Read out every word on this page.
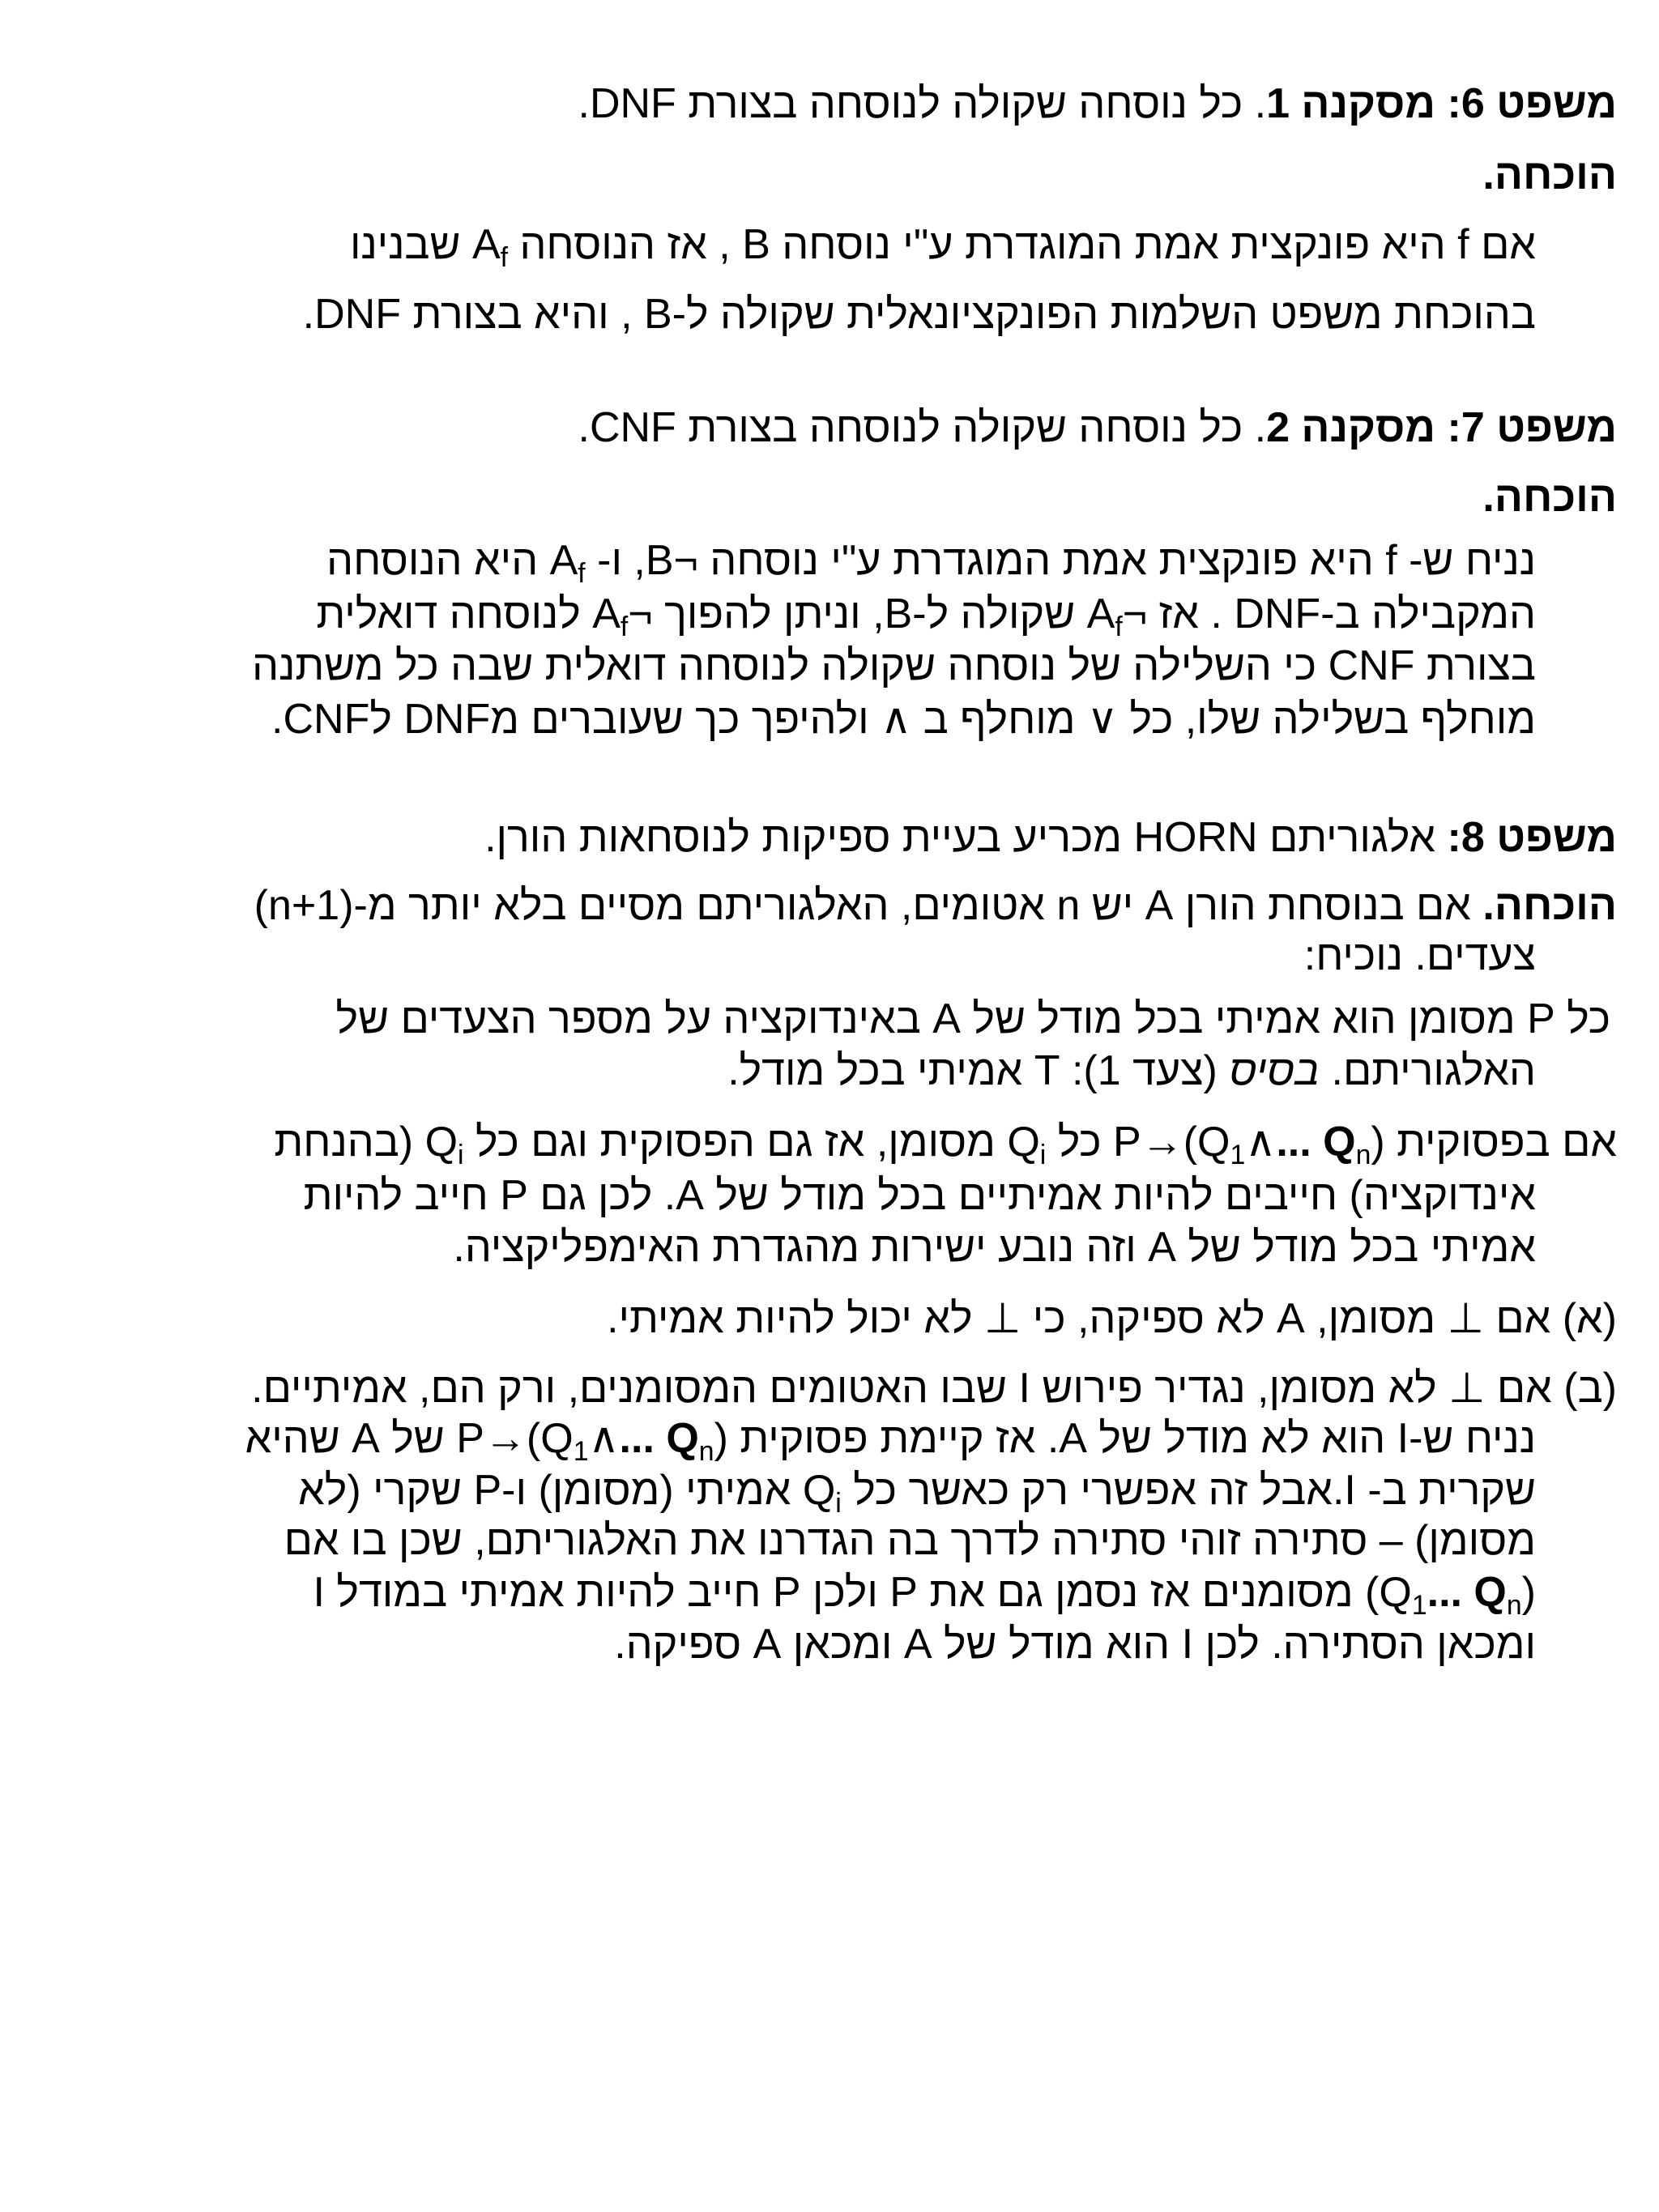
משפט 6: מסקנה 1. כל נוסחה שקולה לנוסחה בצורת DNF.
הוכחה.
אם f היא פונקצית אמת המוגדרת ע"י נוסחה B , אז הנוסחה $A_f$ שבנינו
בהוכחת משפט השלמות הפונקציונאלית שקולה ל-B , והיא בצורת DNF.
משפט 7: מסקנה 2. כל נוסחה שקולה לנוסחה בצורת CNF.
הוכחה.
נניח ש- f היא פונקצית אמת המוגדרת ע"י נוסחה ¬B, ו- $A_f$ היא הנוסחה
המקבילה ב-DNF . אז $\neg A_f$ שקולה ל-B, וניתן להפוך $\neg A_f$ לנוסחה דואלית
בצורת CNF כי השלילה של נוסחה שקולה לנוסחה דואלית שבה כל משתנה
מוחלף בשלילה שלו, כל ∨ מוחלף ב ∧ ולהיפך כך שעוברים מDNF לCNF.
משפט 8: אלגוריתם HORN מכריע בעיית ספיקות לנוסחאות הורן.
הוכחה. אם בנוסחת הורן A יש n אטומים, האלגוריתם מסיים בלא יותר מ-(n+1)
צעדים. נוכיח:
כל P מסומן הוא אמיתי בכל מודל של A באינדוקציה על מספר הצעדים של
האלגוריתם. בסיס (צעד 1): T אמיתי בכל מודל.
אם בפסוקית ($Q_1\wedge$... $Q_n)\to P$ כל $Q_i$ מסומן, אז גם הפסוקית וגם כל $Q_i$ (בהנחת
אינדוקציה) חייבים להיות אמיתיים בכל מודל של A. לכן גם P חייב להיות
אמיתי בכל מודל של A וזה נובע ישירות מהגדרת האימפליקציה.
(א) אם ⊥ מסומן, A לא ספיקה, כי ⊥ לא יכול להיות אמיתי.
(ב) אם ⊥ לא מסומן, נגדיר פירוש I שבו האטומים המסומנים, ורק הם, אמיתיים.
נניח ש-I הוא לא מודל של A. אז קיימת פסוקית ($Q_1\wedge$... $Q_n)\to P$ של A שהיא
שקרית ב- I.אבל זה אפשרי רק כאשר כל $Q_i$ אמיתי (מסומן) ו-P שקרי (לא
מסומן) – סתירה זוהי סתירה לדרך בה הגדרנו את האלגוריתם, שכן בו אם
($Q_1$... $Q_n$) מסומנים אז נסמן גם את P ולכן P חייב להיות אמיתי במודל I
ומכאן הסתירה. לכן I הוא מודל של A ומכאן A ספיקה.
